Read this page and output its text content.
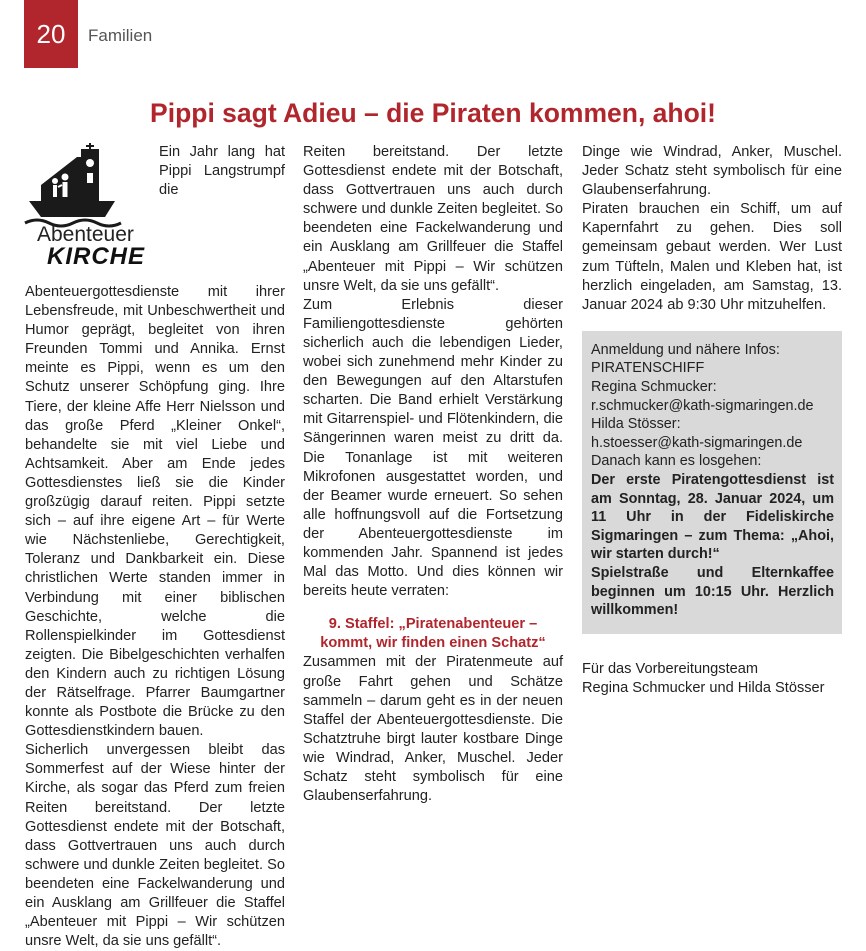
20	Familien
Pippi sagt Adieu – die Piraten kommen, ahoi!
Abenteuer
KIRCHE

Ein Jahr lang hat Pippi Langstrumpf die Abenteuergottesdienste mit ihrer Lebensfreude, mit Unbeschwertheit und Humor geprägt, begleitet von ihren Freunden Tommi und Annika. Ernst meinte es Pippi, wenn es um den Schutz unserer Schöpfung ging. Ihre Tiere, der kleine Affe Herr Nielsson und das große Pferd „Kleiner Onkel“, behandelte sie mit viel Liebe und Achtsamkeit. Aber am Ende jedes Gottesdienstes ließ sie die Kinder großzügig darauf reiten. Pippi setzte sich – auf ihre eigene Art – für Werte wie Nächstenliebe, Gerechtigkeit, Toleranz und Dankbarkeit ein. Diese christlichen Werte standen immer in Verbindung mit einer biblischen Geschichte, welche die Rollenspielkinder im Gottesdienst zeigten. Die Bibelgeschichten verhalfen den Kindern auch zu richtigen Lösung der Rätselfrage. Pfarrer Baumgartner konnte als Postbote die Brücke zu den Gottesdienstkindern bauen.

Sicherlich unvergessen bleibt das Sommerfest auf der Wiese hinter der Kirche, als sogar das Pferd zum freien Reiten bereitstand. Der letzte Gottesdienst endete mit der Botschaft, dass Gottvertrauen uns auch durch schwere und dunkle Zeiten begleitet. So beendeten eine Fackelwanderung und ein Ausklang am Grillfeuer die Staffel „Abenteuer mit Pippi – Wir schützen unsre Welt, da sie uns gefällt“.

Reiten bereitstand. Der letzte Gottesdienst endete mit der Botschaft, dass Gottvertrauen uns auch durch schwere und dunkle Zeiten begleitet. So beendeten eine Fackelwanderung und ein Ausklang am Grillfeuer die Staffel „Abenteuer mit Pippi – Wir schützen unsre Welt, da sie uns gefällt“.

Zum Erlebnis dieser Familiengottesdienste gehörten sicherlich auch die lebendigen Lieder, wobei sich zunehmend mehr Kinder zu den Bewegungen auf den Altarstufen scharten. Die Band erhielt Verstärkung mit Gitarrenspiel- und Flötenkindern, die Sängerinnen waren meist zu dritt da. Die Tonanlage ist mit weiteren Mikrofonen ausgestattet worden, und der Beamer wurde erneuert. So sehen alle hoffnungsvoll auf die Fortsetzung der Abenteuergottesdienste im kommenden Jahr. Spannend ist jedes Mal das Motto. Und dies können wir bereits heute verraten:

9. Staffel: „Piratenabenteuer – kommt, wir finden einen Schatz“

Zusammen mit der Piratenmeute auf große Fahrt gehen und Schätze sammeln – darum geht es in der neuen Staffel der Abenteuergottesdienste. Die Schatztruhe birgt lauter kostbare Dinge wie Windrad, Anker, Muschel. Jeder Schatz steht symbolisch für eine Glaubenserfahrung.

Dinge wie Windrad, Anker, Muschel. Jeder Schatz steht symbolisch für eine Glaubenserfahrung.

Piraten brauchen ein Schiff, um auf Kapernfahrt zu gehen. Dies soll gemeinsam gebaut werden. Wer Lust zum Tüfteln, Malen und Kleben hat, ist herzlich eingeladen, am Samstag, 13. Januar 2024 ab 9:30 Uhr mitzuhelfen.

Anmeldung und nähere Infos:
PIRATENSCHIFF
Regina Schmucker:
r.schmucker@kath-sigmaringen.de
Hilda Stösser:
h.stoesser@kath-sigmaringen.de
Danach kann es losgehen:
Der erste Piratengottesdienst ist am Sonntag, 28. Januar 2024, um 11 Uhr in der Fideliskirche Sigmaringen – zum Thema: „Ahoi, wir starten durch!“
Spielstraße und Elternkaffee beginnen um 10:15 Uhr. Herzlich willkommen!

Für das Vorbereitungsteam

Regina Schmucker und Hilda Stösser
